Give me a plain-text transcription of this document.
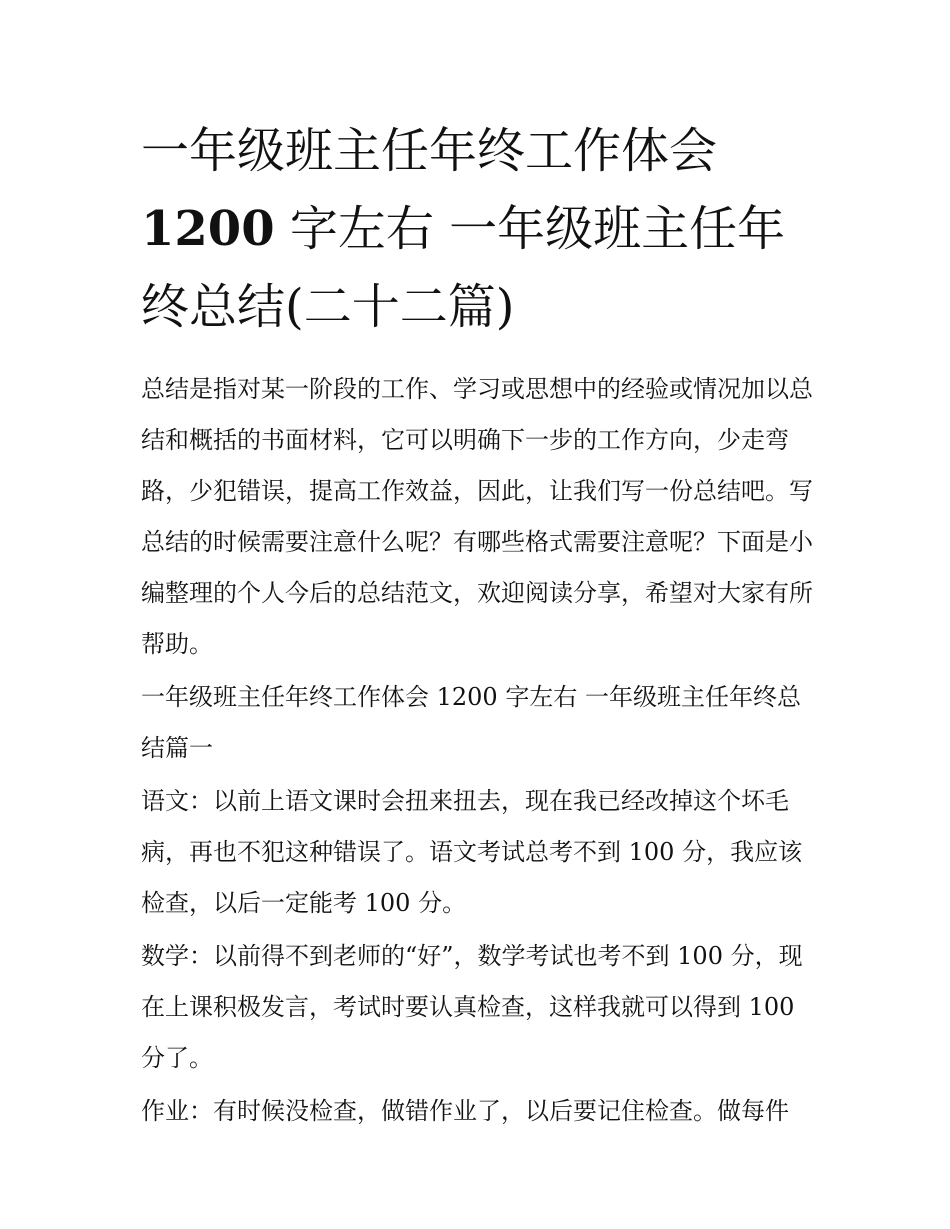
一年级班主任年终工作体会
1200 字左右 一年级班主任年终总结(二十二篇)

总结是指对某一阶段的工作、学习或思想中的经验或情况加以总结和概括的书面材料，它可以明确下一步的工作方向，少走弯路，少犯错误，提高工作效益，因此，让我们写一份总结吧。写总结的时候需要注意什么呢？有哪些格式需要注意呢？下面是小编整理的个人今后的总结范文，欢迎阅读分享，希望对大家有所帮助。

一年级班主任年终工作体会 1200 字左右 一年级班主任年终总结篇一

语文：以前上语文课时会扭来扭去，现在我已经改掉这个坏毛病，再也不犯这种错误了。语文考试总考不到 100 分，我应该检查，以后一定能考 100 分。

数学：以前得不到老师的“好”，数学考试也考不到 100 分，现在上课积极发言，考试时要认真检查，这样我就可以得到 100 分了。

作业：有时候没检查，做错作业了，以后要记住检查。做每件
